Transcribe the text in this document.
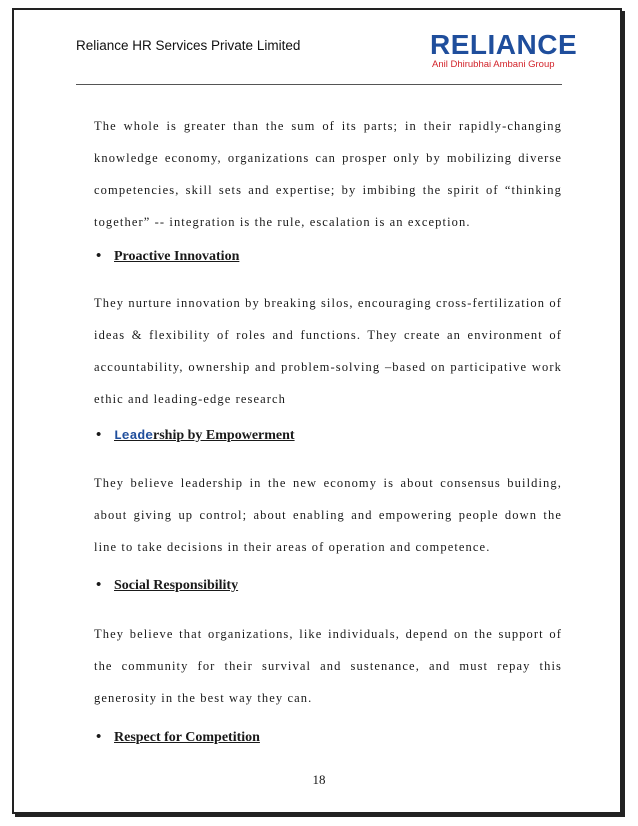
Reliance HR Services Private Limited	RELIANCE
Anil Dhirubhai Ambani Group

The whole is greater than the sum of its parts; in their rapidly-changing knowledge economy, organizations can prosper only by mobilizing diverse competencies, skill sets and expertise; by imbibing the spirit of “thinking together” -- integration is the rule, escalation is an exception.

• Proactive Innovation

They nurture innovation by breaking silos, encouraging cross-fertilization of ideas & flexibility of roles and functions. They create an environment of accountability, ownership and problem-solving –based on participative work ethic and leading-edge research

• Leadership by Empowerment

They believe leadership in the new economy is about consensus building, about giving up control; about enabling and empowering people down the line to take decisions in their areas of operation and competence.

• Social Responsibility

They believe that organizations, like individuals, depend on the support of the community for their survival and sustenance, and must repay this generosity in the best way they can.

• Respect for Competition
18
